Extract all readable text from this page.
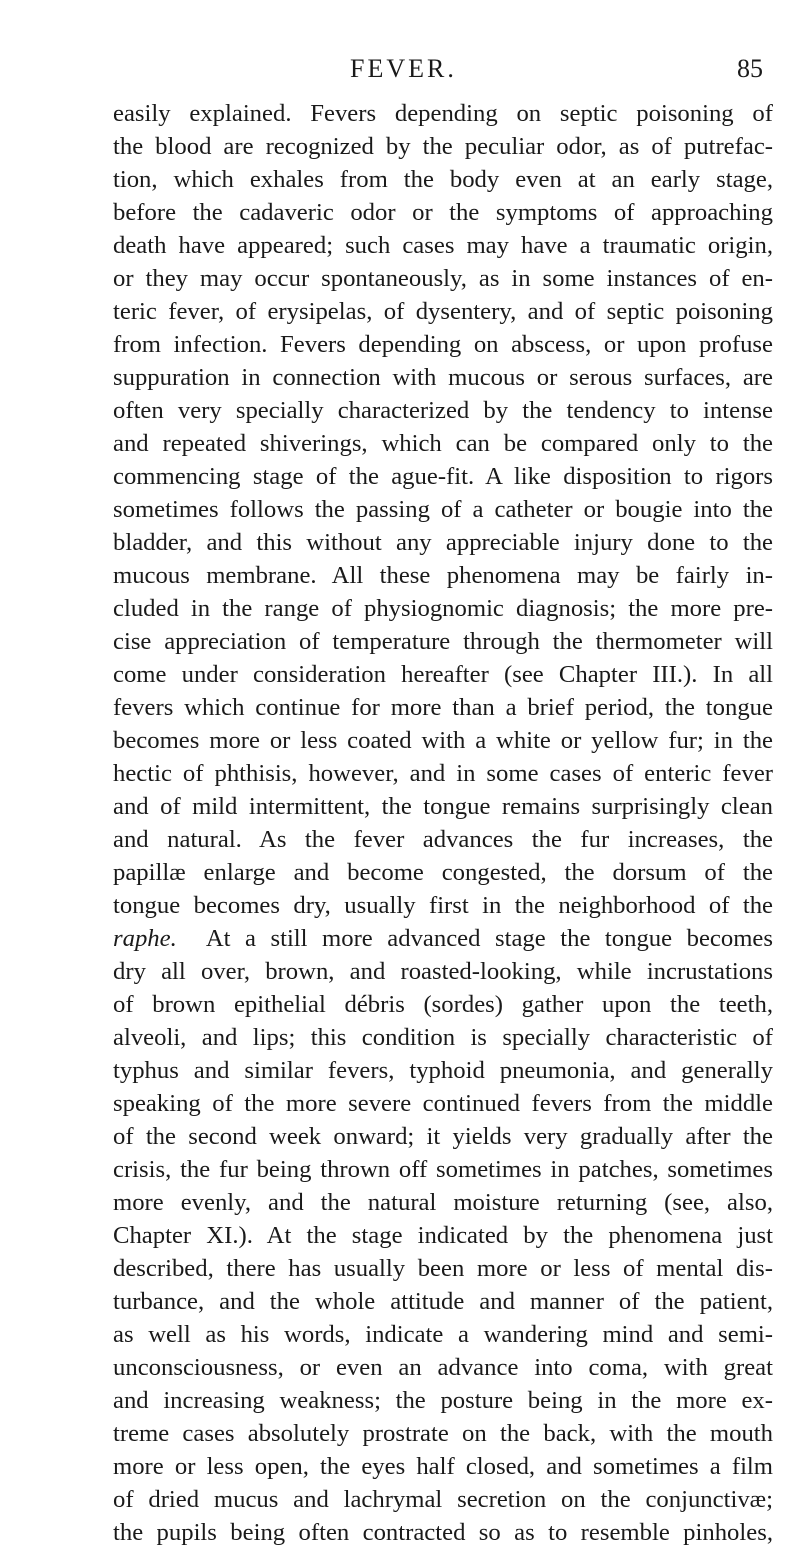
FEVER.	85
easily explained. Fevers depending on septic poisoning of
the blood are recognized by the peculiar odor, as of putrefac-
tion, which exhales from the body even at an early stage,
before the cadaveric odor or the symptoms of approaching
death have appeared; such cases may have a traumatic origin,
or they may occur spontaneously, as in some instances of en-
teric fever, of erysipelas, of dysentery, and of septic poisoning
from infection. Fevers depending on abscess, or upon profuse
suppuration in connection with mucous or serous surfaces, are
often very specially characterized by the tendency to intense
and repeated shiverings, which can be compared only to the
commencing stage of the ague-fit. A like disposition to rigors
sometimes follows the passing of a catheter or bougie into the
bladder, and this without any appreciable injury done to the
mucous membrane. All these phenomena may be fairly in-
cluded in the range of physiognomic diagnosis; the more pre-
cise appreciation of temperature through the thermometer will
come under consideration hereafter (see Chapter III.). In all
fevers which continue for more than a brief period, the tongue
becomes more or less coated with a white or yellow fur; in the
hectic of phthisis, however, and in some cases of enteric fever
and of mild intermittent, the tongue remains surprisingly clean
and natural. As the fever advances the fur increases, the
papillæ enlarge and become congested, the dorsum of the
tongue becomes dry, usually first in the neighborhood of the
raphe. At a still more advanced stage the tongue becomes
dry all over, brown, and roasted-looking, while incrustations
of brown epithelial débris (sordes) gather upon the teeth,
alveoli, and lips; this condition is specially characteristic of
typhus and similar fevers, typhoid pneumonia, and generally
speaking of the more severe continued fevers from the middle
of the second week onward; it yields very gradually after the
crisis, the fur being thrown off sometimes in patches, sometimes
more evenly, and the natural moisture returning (see, also,
Chapter XI.). At the stage indicated by the phenomena just
described, there has usually been more or less of mental dis-
turbance, and the whole attitude and manner of the patient,
as well as his words, indicate a wandering mind and semi-
unconsciousness, or even an advance into coma, with great
and increasing weakness; the posture being in the more ex-
treme cases absolutely prostrate on the back, with the mouth
more or less open, the eyes half closed, and sometimes a film
of dried mucus and lachrymal secretion on the conjunctivæ;
the pupils being often contracted so as to resemble pinholes,
